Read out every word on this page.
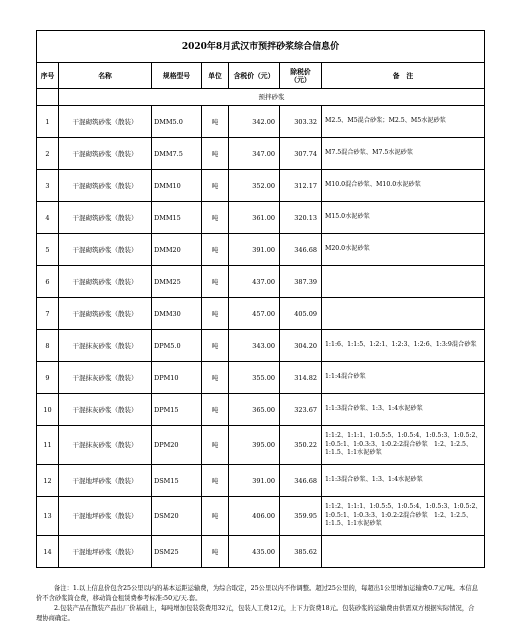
2020年8月武汉市预拌砂浆综合信息价						
序号	名称	规格型号	单位	含税价（元）	除税价（元）	备　注
	预拌砂浆					
1	干混砌筑砂浆（散装）	DMM5.0	吨	342.00	303.32	M2.5、M5混合砂浆；M2.5、M5水泥砂浆
2	干混砌筑砂浆（散装）	DMM7.5	吨	347.00	307.74	M7.5混合砂浆、M7.5水泥砂浆
3	干混砌筑砂浆（散装）	DMM10	吨	352.00	312.17	M10.0混合砂浆、M10.0水泥砂浆
4	干混砌筑砂浆（散装）	DMM15	吨	361.00	320.13	M15.0水泥砂浆
5	干混砌筑砂浆（散装）	DMM20	吨	391.00	346.68	M20.0水泥砂浆
6	干混砌筑砂浆（散装）	DMM25	吨	437.00	387.39	
7	干混砌筑砂浆（散装）	DMM30	吨	457.00	405.09	
8	干混抹灰砂浆（散装）	DPM5.0	吨	343.00	304.20	1:1:6、1:1:5、1:2:1、1:2:3、1:2:6、1:3:9混合砂浆
9	干混抹灰砂浆（散装）	DPM10	吨	355.00	314.82	1:1:4混合砂浆
10	干混抹灰砂浆（散装）	DPM15	吨	365.00	323.67	1:1:3混合砂浆、1:3、1:4水泥砂浆
11	干混抹灰砂浆（散装）	DPM20	吨	395.00	350.22	1:1:2、1:1:1、1:0.5:5、1:0.5:4、1:0.5:3、1:0.5:2、1:0.5:1、1:0.3:3、1:0.2:2混合砂浆　1:2、1:2.5、1:1.5、1:1水泥砂浆
12	干混地坪砂浆（散装）	DSM15	吨	391.00	346.68	1:1:3混合砂浆、1:3、1:4水泥砂浆
13	干混地坪砂浆（散装）	DSM20	吨	406.00	359.95	1:1:2、1:1:1、1:0.5:5、1:0.5:4、1:0.5:3、1:0.5:2、1:0.5:1、1:0.3:3、1:0.2:2混合砂浆　1:2、1:2.5、1:1.5、1:1水泥砂浆
14	干混地坪砂浆（散装）	DSM25	吨	435.00	385.62	

备注：1.以上信息价包含25公里以内的基本运距运输费，为综合取定，25公里以内不作调整。超过25公里的，每超出1公里增加运输费0.7元/吨。本信息价不含砂浆筒仓费，移动筒仓租赁费参考标准:50元/天.套。

2.包装产品在散装产品出厂价基础上，每吨增加包装袋费用32元，包装人工费12元，上下力资费18元。包装砂浆的运输费由供需双方根据实际情况，合理协商确定。
